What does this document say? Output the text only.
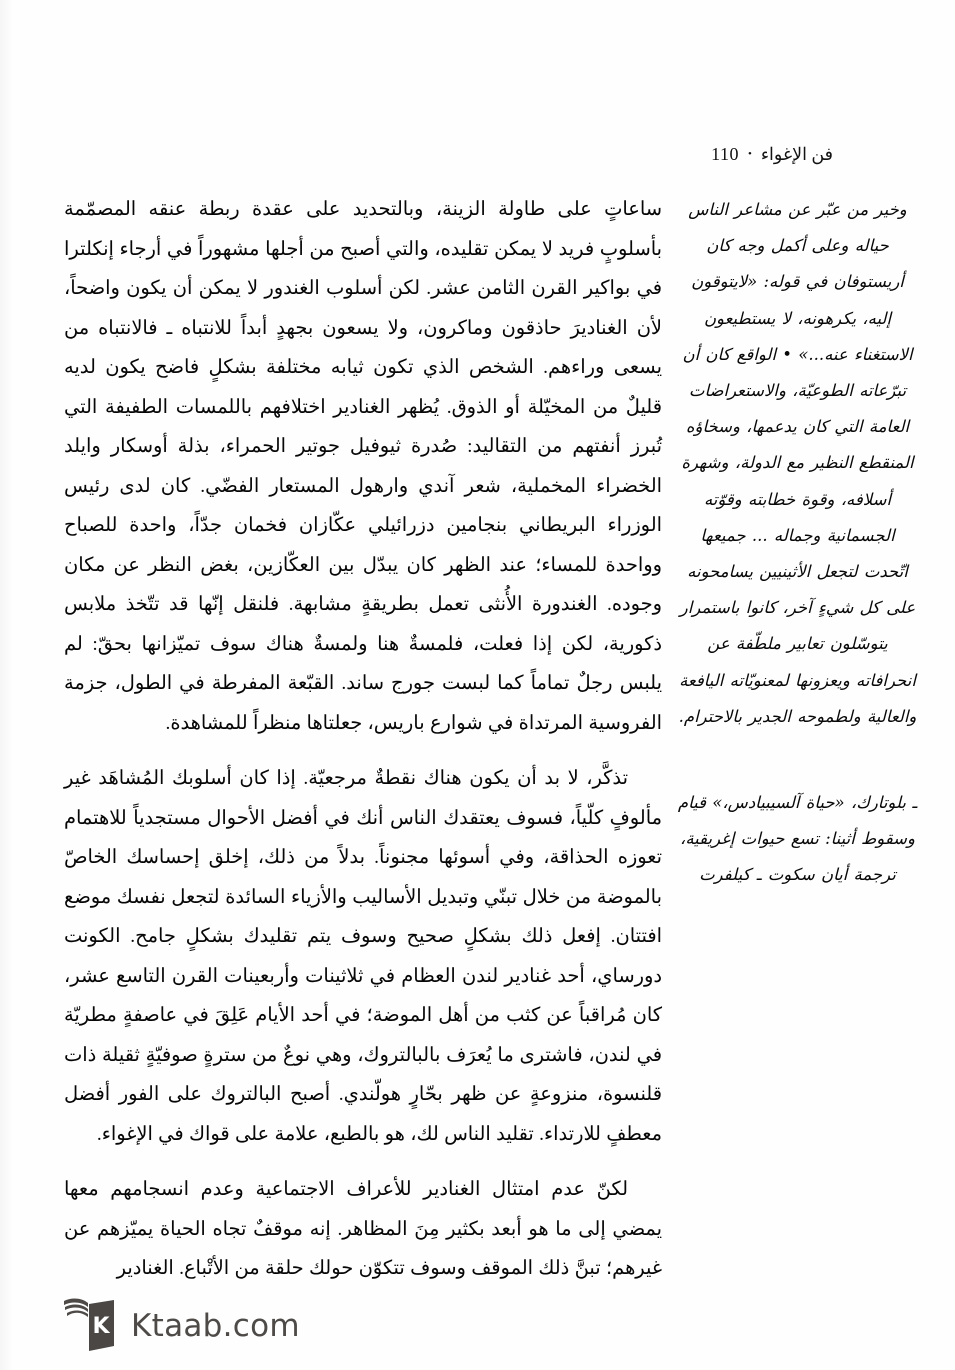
فن الإغواء
•
110
وخير من عبّر عن مشاعر الناس حياله وعلى أكمل وجه كان أريستوفان في قوله: «لايتوقون إليه، يكرهونه، لا يستطيعون الاستغناء عنه...» • الواقع كان أن تبرّعاته الطوعيّة، والاستعراضات العامة التي كان يدعمها، وسخاؤه المنقطع النظير مع الدولة، وشهرة أسلافه، وقوة خطابته وقوّته الجسمانية وجماله ... جميعها اتّحدت لتجعل الأثينيين يسامحونه على كل شيءٍ آخر، كانوا باستمرار يتوسّلون تعابير ملطّفة عن انحرافاته ويعزونها لمعنويّاته اليافعة والعالية ولطموحه الجدير بالاحترام.
ـ بلوتارك، «حياة آلسيبيادس،» قيام وسقوط أثينا: تسع حيوات إغريقية، ترجمة أيان سكوت ـ كيلفرت

ساعاتٍ على طاولة الزينة، وبالتحديد على عقدة ربطة عنقه المصمّمة بأسلوبٍ فريد لا يمكن تقليده، والتي أصبح من أجلها مشهوراً في أرجاء إنكلترا في بواكير القرن الثامن عشر. لكن أسلوب الغندور لا يمكن أن يكون واضحاً، لأن الغناديرَ حاذقون وماكرون، ولا يسعون بجهدٍ أبداً للانتباه ـ فالانتباه من يسعى وراءهم. الشخص الذي تكون ثيابه مختلفة بشكلٍ فاضح يكون لديه قليلٌ من المخيّلة أو الذوق. يُظهر الغنادير اختلافهم باللمسات الطفيفة التي تُبرز أنفتهم من التقاليد: صُدرة ثيوفيل جوتير الحمراء، بذلة أوسكار وايلد الخضراء المخملية، شعر آندي وارهول المستعار الفضّي. كان لدى رئيس الوزراء البريطاني بنجامين دزرائيلي عكّازان فخمان جدّاً، واحدة للصباح وواحدة للمساء؛ عند الظهر كان يبدّل بين العكّازين، بغض النظر عن مكان وجوده. الغندورة الأُنثى تعمل بطريقةٍ مشابهة. فلنقل إنّها قد تتّخذ ملابس ذكورية، لكن إذا فعلت، فلمسةٌ هنا ولمسةٌ هناك سوف تميّزانها بحقّ: لم يلبس رجلٌ تماماً كما لبست جورج ساند. القبّعة المفرطة في الطول، جزمة الفروسية المرتداة في شوارع باريس، جعلتاها منظراً للمشاهدة.

تذكَّر، لا بد أن يكون هناك نقطةٌ مرجعيّة. إذا كان أسلوبك المُشاهَد غير مألوفٍ كلّياً، فسوف يعتقدك الناس أنك في أفضل الأحوال مستجدياً للاهتمام تعوزه الحذاقة، وفي أسوئها مجنوناً. بدلاً من ذلك، إخلق إحساسك الخاصّ بالموضة من خلال تبنّي وتبديل الأساليب والأزياء السائدة لتجعل نفسك موضع افتتان. إفعل ذلك بشكلٍ صحيح وسوف يتم تقليدك بشكلٍ جامح. الكونت دورساي، أحد غنادير لندن العظام في ثلاثينات وأربعينات القرن التاسع عشر، كان مُراقباً عن كثب من أهل الموضة؛ في أحد الأيام عَلِقَ في عاصفةٍ مطريّة في لندن، فاشترى ما يُعرَف بالبالتروك، وهي نوعٌ من سترةٍ صوفيّةٍ ثقيلة ذات قلنسوة، منزوعةٍ عن ظهر بحّارٍ هولّندي. أصبح البالتروك على الفور أفضل معطفٍ للارتداء. تقليد الناس لك، هو بالطبع، علامة على قواك في الإغواء.

لكنّ عدم امتثال الغنادير للأعراف الاجتماعية وعدم انسجامهم معها يمضي إلى ما هو أبعد بكثير مِنَ المظاهر. إنه موقفٌ تجاه الحياة يميّزهم عن غيرهم؛ تبنَّ ذلك الموقف وسوف تتكوّن حولك حلقة من الأتْباع. الغنادير

K Ktaab.com
